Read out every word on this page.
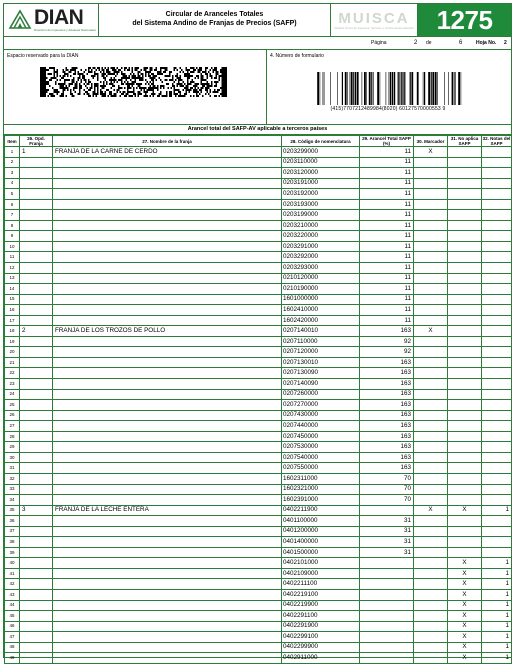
DIAN
Dirección de Impuestos y Aduanas Nacionales
Circular de Aranceles Totales
del Sistema Andino de Franjas de Precios (SAFP)	MUISCA
Modelo Único de Ingresos, Servicio y Control Automatizado 1275
Página	2 de	6	Hoja No. 2
Espacio reservado para la DIAN	4. Número de formulario
(415)7707212489984(8020) 60127570000553 9
Arancel total del SAFP-AV aplicable a terceros países
Item	26. Opd. Franja	27. Nombre de la franja	28. Código de nomenclatura	29. Arancel Total SAFP (%)	30. Marcador	31. No aplica SAFP	32. Notas del SAFP
1	1	FRANJA DE LA CARNE DE CERDO	0203299000	11	X		
2			0203110000	11			
3			0203120000	11			
4			0203191000	11			
5			0203192000	11			
6			0203193000	11			
7			0203199000	11			
8			0203210000	11			
9			0203220000	11			
10			0203291000	11			
11			0203292000	11			
12			0203293000	11			
13			0210120000	11			
14			0210190000	11			
15			1601000000	11			
16			1602410000	11			
17			1602420000	11			
18	2	FRANJA DE LOS TROZOS DE POLLO	0207140010	163	X		
19			0207110000	92			
20			0207120000	92			
21			0207130010	163			
22			0207130090	163			
23			0207140090	163			
24			0207260000	163			
25			0207270000	163			
26			0207430000	163			
27			0207440000	163			
28			0207450000	163			
29			0207530000	163			
30			0207540000	163			
31			0207550000	163			
32			1602311000	70			
33			1602321000	70			
34			1602391000	70			
35	3	FRANJA DE LA LECHE ENTERA	0402211900		X	X	1
36			0401100000	31			
37			0401200000	31			
38			0401400000	31			
39			0401500000	31			
40			0402101000			X	1
41			0402109000			X	1
42			0402211100			X	1
43			0402219100			X	1
44			0402219900			X	1
45			0402291100			X	1
46			0402291900			X	1
47			0402299100			X	1
48			0402299900			X	1
49			0402911000			X	1
